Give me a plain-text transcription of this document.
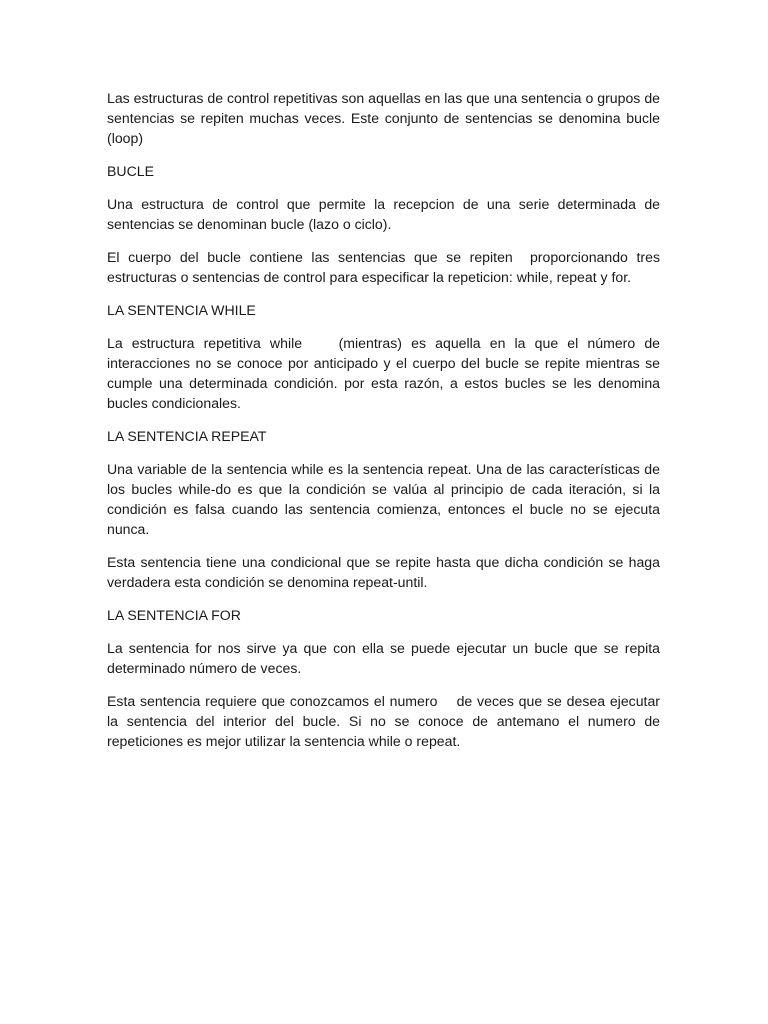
Las estructuras de control repetitivas son aquellas en las que una sentencia o grupos de sentencias se repiten muchas veces. Este conjunto de sentencias se denomina bucle (loop)

BUCLE

Una estructura de control que permite la recepcion de una serie determinada de sentencias se denominan bucle (lazo o ciclo).

El cuerpo del bucle contiene las sentencias que se repiten  proporcionando tres estructuras o sentencias de control para especificar la repeticion: while, repeat y for.

LA SENTENCIA WHILE

La estructura repetitiva while    (mientras) es aquella en la que el número de interacciones no se conoce por anticipado y el cuerpo del bucle se repite mientras se cumple una determinada condición. por esta razón, a estos bucles se les denomina bucles condicionales.

LA SENTENCIA REPEAT

Una variable de la sentencia while es la sentencia repeat. Una de las características de los bucles while-do es que la condición se valúa al principio de cada iteración, si la condición es falsa cuando las sentencia comienza, entonces el bucle no se ejecuta nunca.

Esta sentencia tiene una condicional que se repite hasta que dicha condición se haga verdadera esta condición se denomina repeat-until.

LA SENTENCIA FOR

La sentencia for nos sirve ya que con ella se puede ejecutar un bucle que se repita determinado número de veces.

Esta sentencia requiere que conozcamos el numero    de veces que se desea ejecutar la sentencia del interior del bucle. Si no se conoce de antemano el numero de repeticiones es mejor utilizar la sentencia while o repeat.
